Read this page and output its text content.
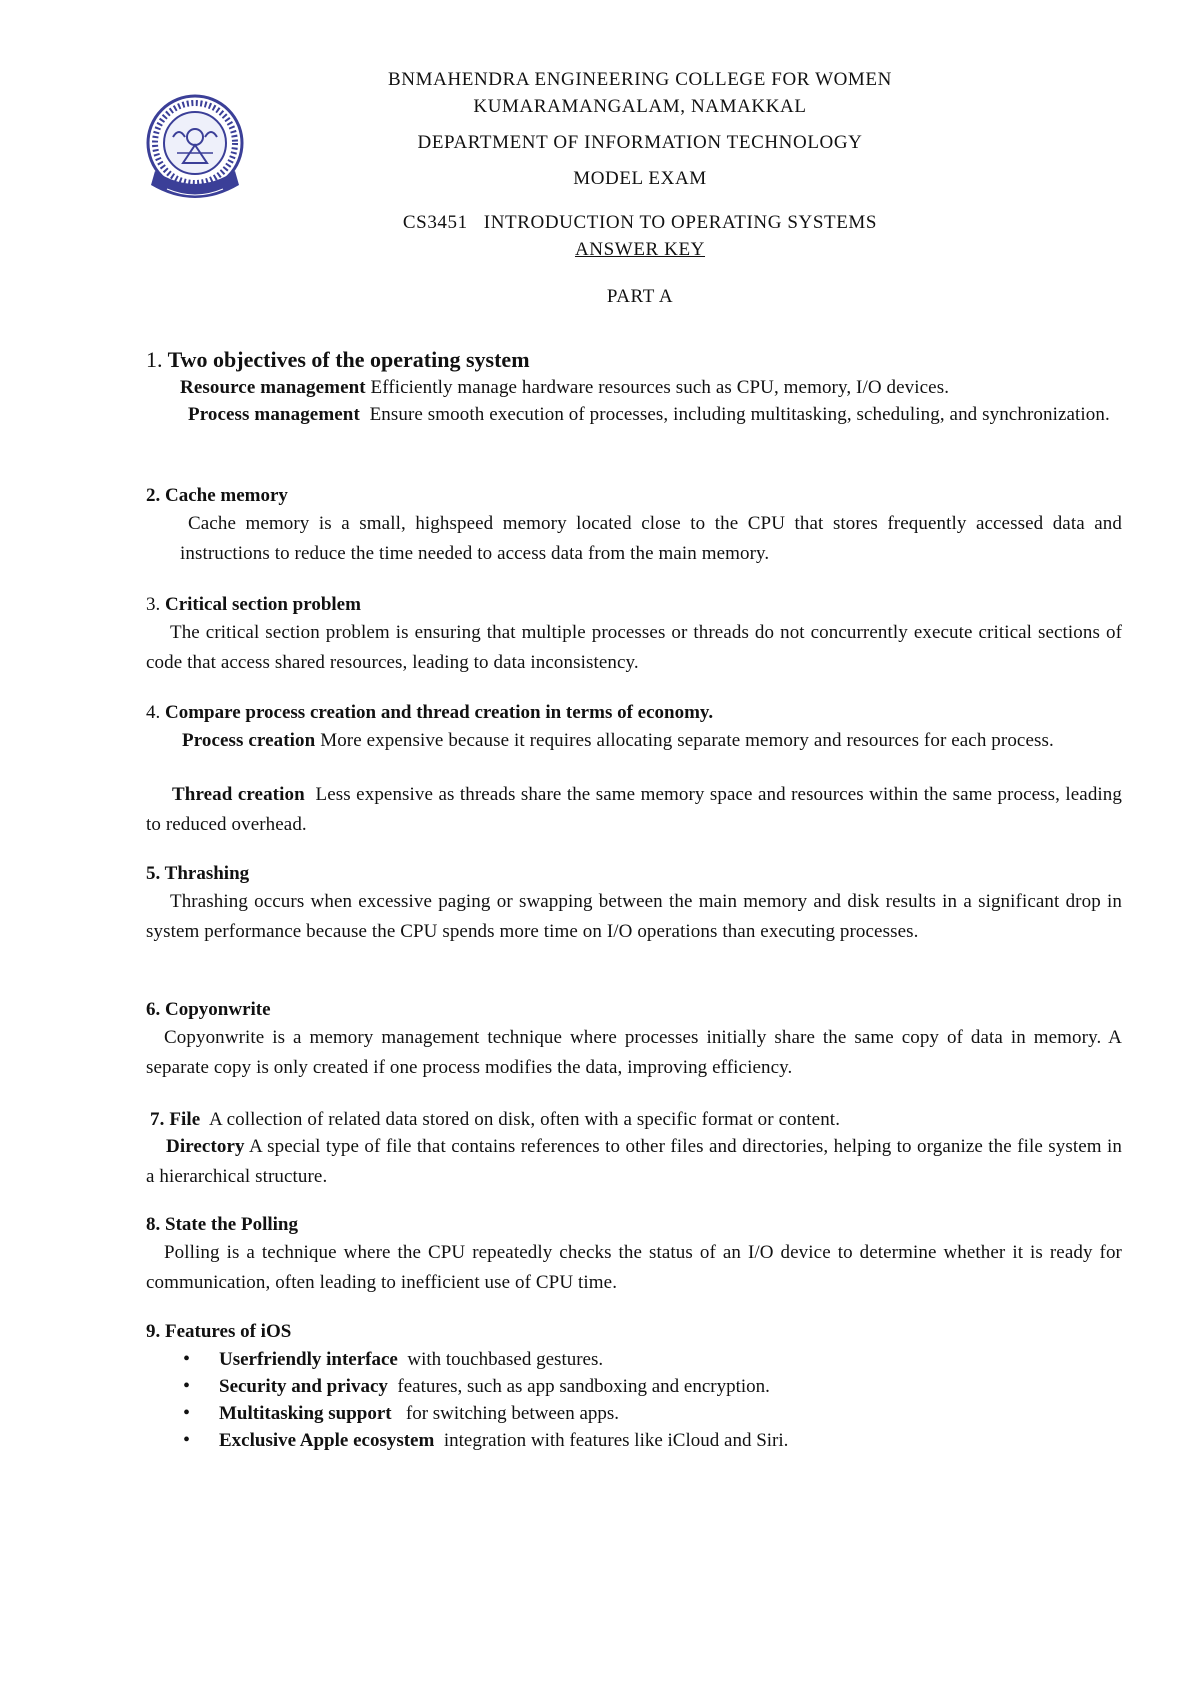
BNMAHENDRA ENGINEERING COLLEGE FOR WOMEN
KUMARAMANGALAM, NAMAKKAL
DEPARTMENT OF INFORMATION TECHNOLOGY
MODEL EXAM
CS3451   INTRODUCTION TO OPERATING SYSTEMS
ANSWER KEY
PART A
1. Two objectives of the operating system
Resource management Efficiently manage hardware resources such as CPU, memory, I/O devices.
Process management  Ensure smooth execution of processes, including multitasking, scheduling, and synchronization.
2. Cache memory
Cache memory is a small, highspeed memory located close to the CPU that stores frequently accessed data and instructions to reduce the time needed to access data from the main memory.
3. Critical section problem
The critical section problem is ensuring that multiple processes or threads do not concurrently execute critical sections of code that access shared resources, leading to data inconsistency.
4. Compare process creation and thread creation in terms of economy.
Process creation More expensive because it requires allocating separate memory and resources for each process.
Thread creation  Less expensive as threads share the same memory space and resources within the same process, leading to reduced overhead.
5. Thrashing
Thrashing occurs when excessive paging or swapping between the main memory and disk results in a significant drop in system performance because the CPU spends more time on I/O operations than executing processes.
6. Copyonwrite
Copyonwrite is a memory management technique where processes initially share the same copy of data in memory. A separate copy is only created if one process modifies the data, improving efficiency.
7. File  A collection of related data stored on disk, often with a specific format or content.
Directory A special type of file that contains references to other files and directories, helping to organize the file system in a hierarchical structure.
8. State the Polling
Polling is a technique where the CPU repeatedly checks the status of an I/O device to determine whether it is ready for communication, often leading to inefficient use of CPU time.
9. Features of iOS
• Userfriendly interface  with touchbased gestures.
• Security and privacy  features, such as app sandboxing and encryption.
• Multitasking support   for switching between apps.
• Exclusive Apple ecosystem  integration with features like iCloud and Siri.
